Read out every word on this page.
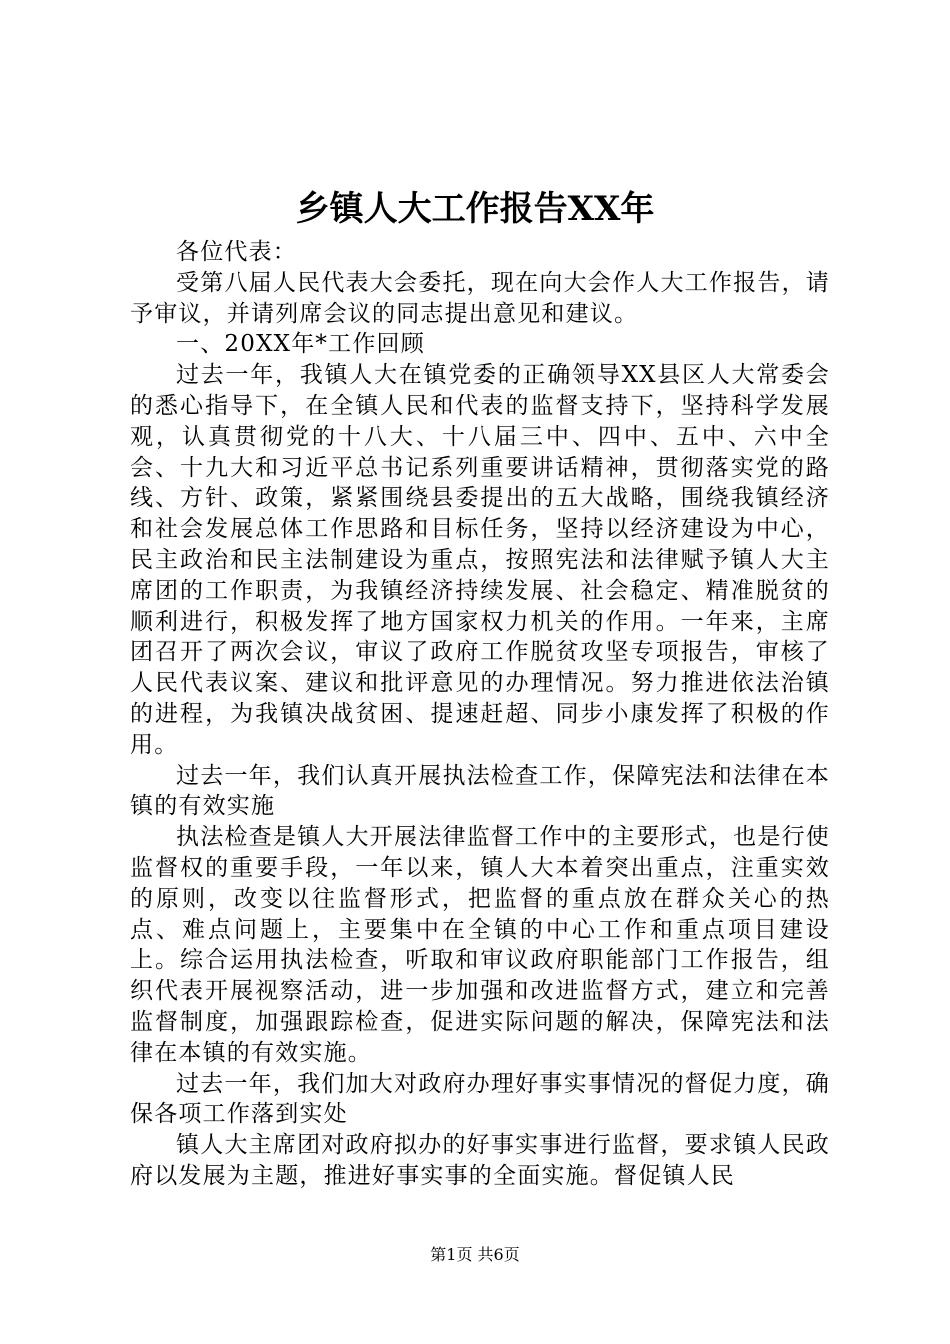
乡镇人大工作报告XX年

各位代表：

受第八届人民代表大会委托，现在向大会作人大工作报告，请予审议，并请列席会议的同志提出意见和建议。

一、20XX年*工作回顾

过去一年，我镇人大在镇党委的正确领导XX县区人大常委会的悉心指导下，在全镇人民和代表的监督支持下，坚持科学发展观，认真贯彻党的十八大、十八届三中、四中、五中、六中全会、十九大和习近平总书记系列重要讲话精神，贯彻落实党的路线、方针、政策，紧紧围绕县委提出的五大战略，围绕我镇经济和社会发展总体工作思路和目标任务，坚持以经济建设为中心，民主政治和民主法制建设为重点，按照宪法和法律赋予镇人大主席团的工作职责，为我镇经济持续发展、社会稳定、精准脱贫的顺利进行，积极发挥了地方国家权力机关的作用。一年来，主席团召开了两次会议，审议了政府工作脱贫攻坚专项报告，审核了人民代表议案、建议和批评意见的办理情况。努力推进依法治镇的进程，为我镇决战贫困、提速赶超、同步小康发挥了积极的作用。

过去一年，我们认真开展执法检查工作，保障宪法和法律在本镇的有效实施

执法检查是镇人大开展法律监督工作中的主要形式，也是行使监督权的重要手段，一年以来，镇人大本着突出重点，注重实效的原则，改变以往监督形式，把监督的重点放在群众关心的热点、难点问题上，主要集中在全镇的中心工作和重点项目建设上。综合运用执法检查，听取和审议政府职能部门工作报告，组织代表开展视察活动，进一步加强和改进监督方式，建立和完善监督制度，加强跟踪检查，促进实际问题的解决，保障宪法和法律在本镇的有效实施。

过去一年，我们加大对政府办理好事实事情况的督促力度，确保各项工作落到实处

镇人大主席团对政府拟办的好事实事进行监督，要求镇人民政府以发展为主题，推进好事实事的全面实施。督促镇人民

第1页 共6页
